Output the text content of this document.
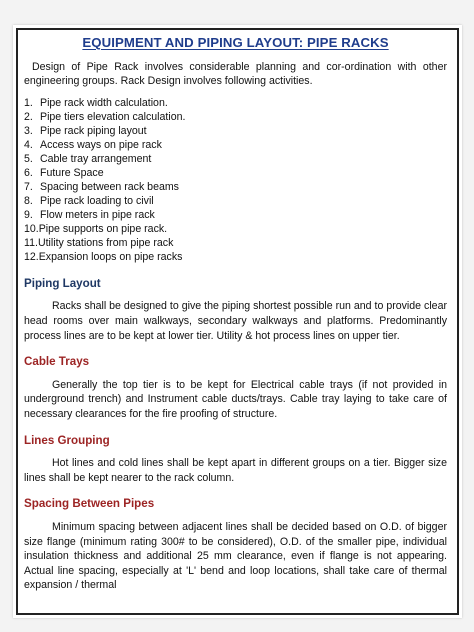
EQUIPMENT AND PIPING LAYOUT: PIPE RACKS

Design of Pipe Rack involves considerable planning and cor-ordination with other engineering groups. Rack Design involves following activities.

1. Pipe rack width calculation.
2. Pipe tiers elevation calculation.
3. Pipe rack piping layout
4. Access ways on pipe rack
5. Cable tray arrangement
6. Future Space
7. Spacing between rack beams
8. Pipe rack loading to civil
9. Flow meters in pipe rack
10. Pipe supports on pipe rack.
11. Utility stations from pipe rack
12. Expansion loops on pipe racks
Piping Layout

Racks shall be designed to give the piping shortest possible run and to provide clear head rooms over main walkways, secondary walkways and platforms. Predominantly process lines are to be kept at lower tier. Utility & hot process lines on upper tier.

Cable Trays

Generally the top tier is to be kept for Electrical cable trays (if not provided in underground trench) and Instrument cable ducts/trays. Cable tray laying to take care of necessary clearances for the fire proofing of structure.

Lines Grouping

Hot lines and cold lines shall be kept apart in different groups on a tier. Bigger size lines shall be kept nearer to the rack column.

Spacing Between Pipes

Minimum spacing between adjacent lines shall be decided based on O.D. of bigger size flange (minimum rating 300# to be considered), O.D. of the smaller pipe, individual insulation thickness and additional 25 mm clearance, even if flange is not appearing. Actual line spacing, especially at 'L' bend and loop locations, shall take care of thermal expansion / thermal
